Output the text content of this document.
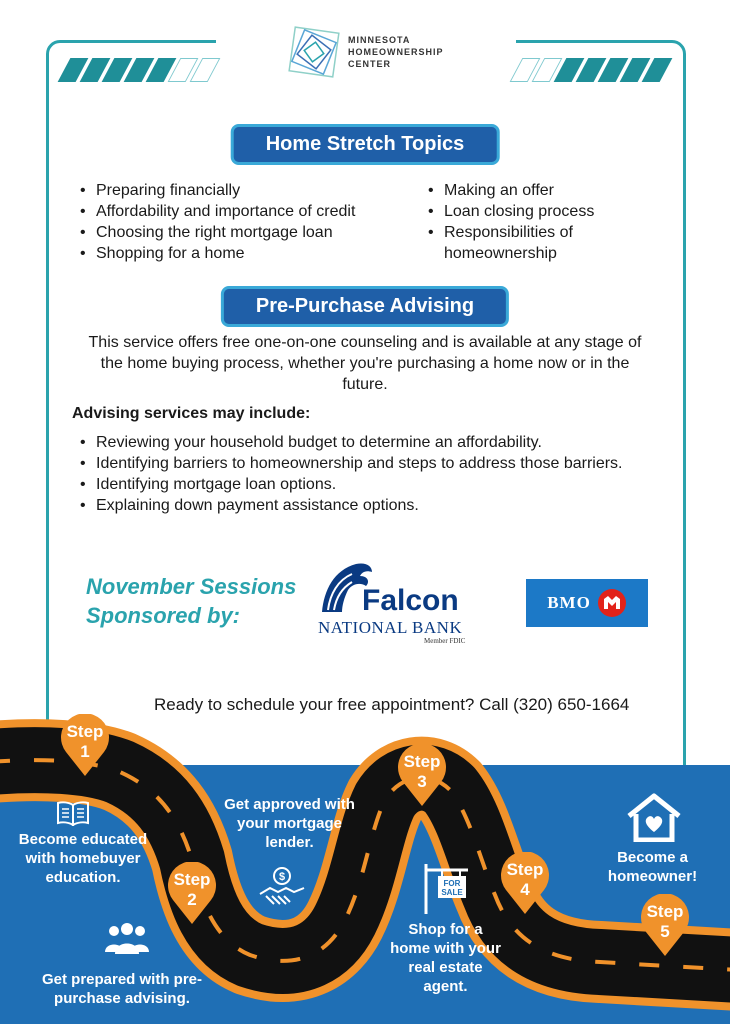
MINNESOTA
HOMEOWNERSHIP
CENTER
Home Stretch Topics
• Preparing financially
• Affordability and importance of credit
• Choosing the right mortgage loan
• Shopping for a home
• Making an offer
• Loan closing process
• Responsibilities of homeownership
Pre-Purchase Advising

This service offers free one-on-one counseling and is available at any stage of the home buying process, whether you're purchasing a home now or in the future.

Advising services may include:
• Reviewing your household budget to determine an affordability.
• Identifying barriers to homeownership and steps to address those barriers.
• Identifying mortgage loan options.
• Explaining down payment assistance options.
November Sessions
Sponsored by:	Falcon
NATIONAL BANK
Member FDIC
BMO
Ready to schedule your free appointment? Call (320) 650-1664
Step
1
Step
2
Step
3
Step
4
Step
5
Become educated with homebuyer education.
Get prepared with pre-purchase advising.
Get approved with your mortgage lender.
$
FOR
SALE
Shop for a home with your real estate agent.
Become a homeowner!
